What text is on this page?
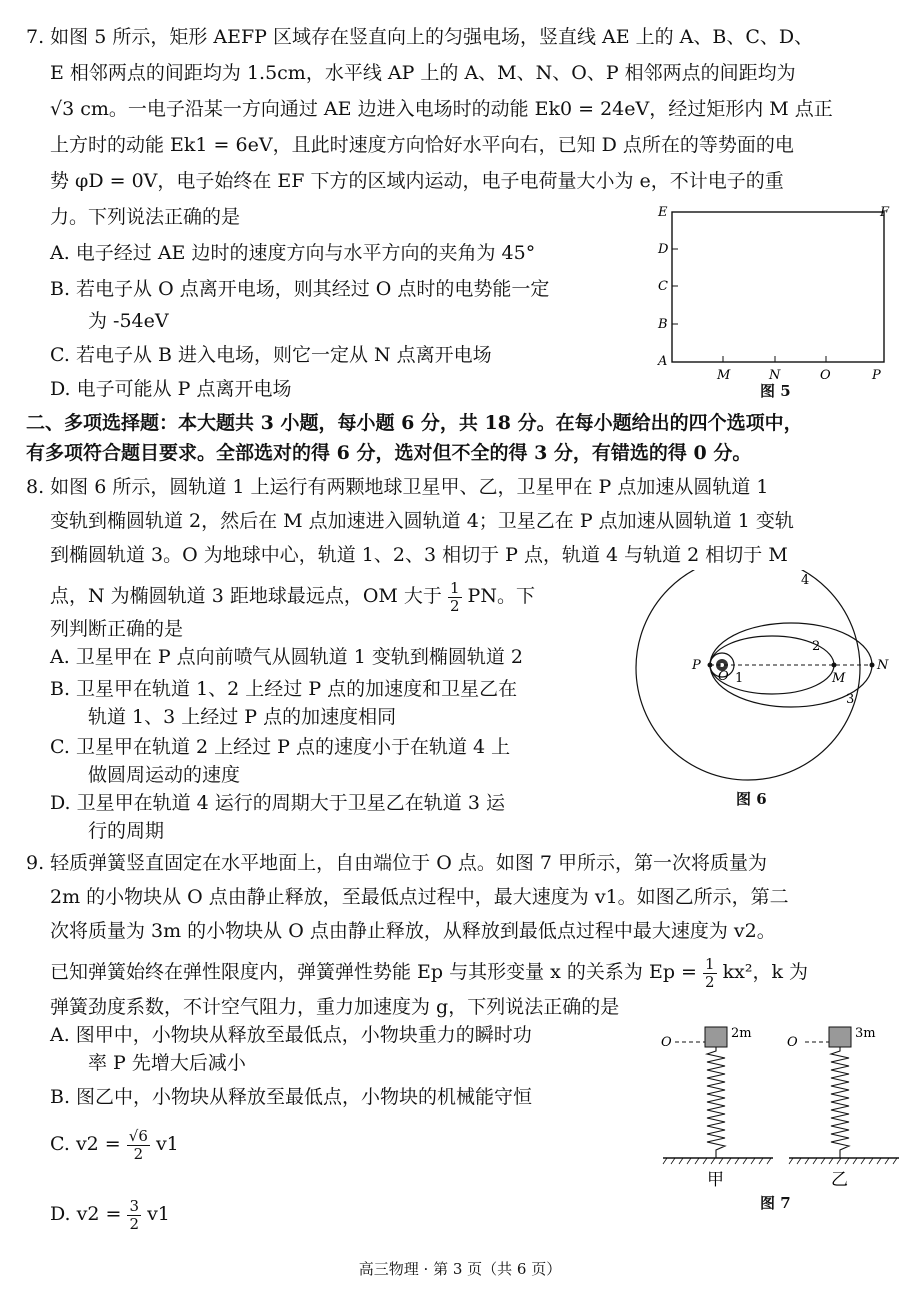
7. 如图 5 所示，矩形 AEFP 区域存在竖直向上的匀强电场，竖直线 AE 上的 A、B、C、D、
E 相邻两点的间距均为 1.5cm，水平线 AP 上的 A、M、N、O、P 相邻两点的间距均为
√3 cm。一电子沿某一方向通过 AE 边进入电场时的动能 Ek0 = 24eV，经过矩形内 M 点正
上方时的动能 Ek1 = 6eV，且此时速度方向恰好水平向右，已知 D 点所在的等势面的电
势 φD = 0V，电子始终在 EF 下方的区域内运动，电子电荷量大小为 e，不计电子的重
力。下列说法正确的是
A. 电子经过 AE 边时的速度方向与水平方向的夹角为 45°
B. 若电子从 O 点离开电场，则其经过 O 点时的电势能一定
为 -54eV
C. 若电子从 B 进入电场，则它一定从 N 点离开电场
D. 电子可能从 P 点离开电场
E	F
D
C
B
A
M	N	O	P
图 5
二、多项选择题：本大题共 3 小题，每小题 6 分，共 18 分。在每小题给出的四个选项中，
有多项符合题目要求。全部选对的得 6 分，选对但不全的得 3 分，有错选的得 0 分。
8. 如图 6 所示，圆轨道 1 上运行有两颗地球卫星甲、乙，卫星甲在 P 点加速从圆轨道 1
变轨到椭圆轨道 2，然后在 M 点加速进入圆轨道 4；卫星乙在 P 点加速从圆轨道 1 变轨
到椭圆轨道 3。O 为地球中心，轨道 1、2、3 相切于 P 点，轨道 4 与轨道 2 相切于 M
点，N 为椭圆轨道 3 距地球最远点，OM 大于 $\frac{1}{2}$ PN。下
列判断正确的是
A. 卫星甲在 P 点向前喷气从圆轨道 1 变轨到椭圆轨道 2
B. 卫星甲在轨道 1、2 上经过 P 点的加速度和卫星乙在
轨道 1、3 上经过 P 点的加速度相同
C. 卫星甲在轨道 2 上经过 P 点的速度小于在轨道 4 上
做圆周运动的速度
D. 卫星甲在轨道 4 运行的周期大于卫星乙在轨道 3 运
行的周期
P
O 1
2
M
N
3
4
图 6
9. 轻质弹簧竖直固定在水平地面上，自由端位于 O 点。如图 7 甲所示，第一次将质量为
2m 的小物块从 O 点由静止释放，至最低点过程中，最大速度为 v1。如图乙所示，第二
次将质量为 3m 的小物块从 O 点由静止释放，从释放到最低点过程中最大速度为 v2。
已知弹簧始终在弹性限度内，弹簧弹性势能 Ep 与其形变量 x 的关系为 $Ep = \frac{1}{2} kx^2$，k 为
弹簧劲度系数，不计空气阻力，重力加速度为 g，下列说法正确的是
A. 图甲中，小物块从释放至最低点，小物块重力的瞬时功
率 P 先增大后减小
B. 图乙中，小物块从释放至最低点，小物块的机械能守恒
C. $v2 = \frac{√6}{2} v1$
D. $v2 = \frac{3}{2} v1$
O
2m
甲
O
3m
乙
图 7
高三物理 · 第 3 页（共 6 页）
